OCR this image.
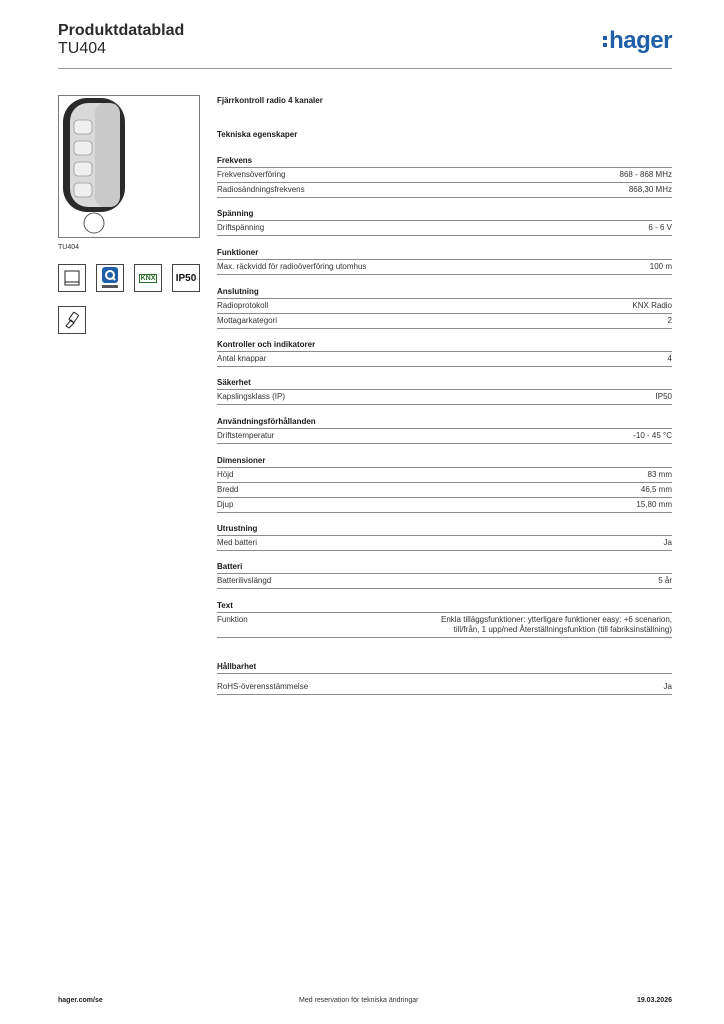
Produktdatablad
TU404	hager
TU404
KNX	IP50
Fjärrkontroll radio 4 kanaler
Tekniska egenskaper
Frekvens
Frekvensöverföring	868 - 868 MHz
Radiosändningsfrekvens	868,30 MHz
Spänning
Driftspänning	6 - 6 V
Funktioner
Max. räckvidd för radioöverföring utomhus	100 m
Anslutning
Radioprotokoll	KNX Radio
Mottagarkategori	2
Kontroller och indikatorer
Antal knappar	4
Säkerhet
Kapslingsklass (IP)	IP50
Användningsförhållanden
Driftstemperatur	-10 - 45 °C
Dimensioner
Höjd	83 mm
Bredd	46,5 mm
Djup	15,80 mm
Utrustning
Med batteri	Ja
Batteri
Batterilivslängd	5 år
Text
Funktion	Enkla tilläggsfunktioner: ytterligare funktioner easy: +6 scenarion, till/från, 1 upp/ned Återställningsfunktion (till fabriksinställning)
Hållbarhet
RoHS-överensstämmelse	Ja
hager.com/se	Med reservation för tekniska ändringar	19.03.2026
